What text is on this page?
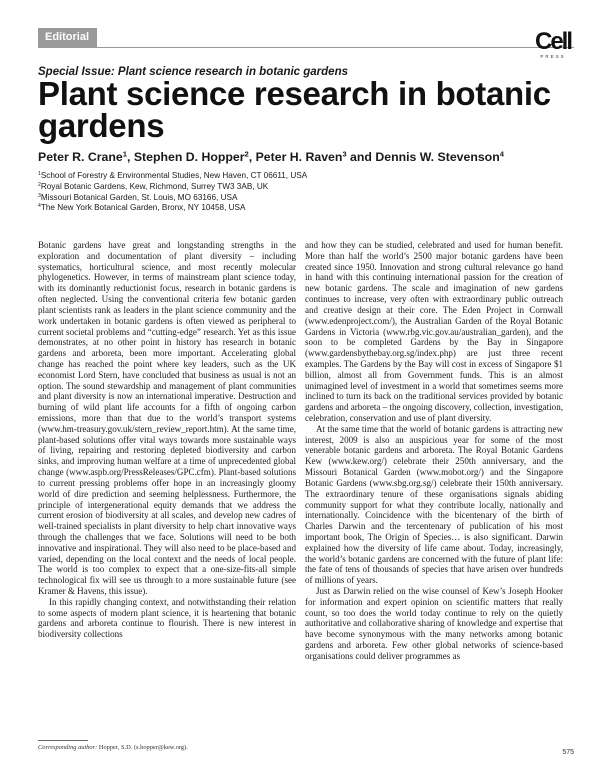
Editorial	Cell
PRESS
Special Issue: Plant science research in botanic gardens
Plant science research in botanic gardens
Peter R. Crane$^1$, Stephen D. Hopper$^2$, Peter H. Raven$^3$ and Dennis W. Stevenson$^4$
$^1$School of Forestry & Environmental Studies, New Haven, CT 06611, USA
$^2$Royal Botanic Gardens, Kew, Richmond, Surrey TW3 3AB, UK
$^3$Missouri Botanical Garden, St. Louis, MO 63166, USA
$^4$The New York Botanical Garden, Bronx, NY 10458, USA

Botanic gardens have great and longstanding strengths in the exploration and documentation of plant diversity – including systematics, horticultural science, and most recently molecular phylogenetics. However, in terms of mainstream plant science today, with its dominantly reductionist focus, research in botanic gardens is often neglected. Using the conventional criteria few botanic garden plant scientists rank as leaders in the plant science community and the work undertaken in botanic gardens is often viewed as peripheral to current societal problems and “cutting-edge” research. Yet as this issue demonstrates, at no other point in history has research in botanic gardens and arboreta, been more important. Accelerating global change has reached the point where key leaders, such as the UK economist Lord Stern, have concluded that business as usual is not an option. The sound stewardship and management of plant communities and plant diversity is now an international imperative. Destruction and burning of wild plant life accounts for a fifth of ongoing carbon emissions, more than that due to the world’s transport systems (www.hm-treasury.gov.uk/stern_review_report.htm). At the same time, plant-based solutions offer vital ways towards more sustainable ways of living, repairing and restoring depleted biodiversity and carbon sinks, and improving human welfare at a time of unprecedented global change (www.aspb.org/PressReleases/GPC.cfm). Plant-based solutions to current pressing problems offer hope in an increasingly gloomy world of dire prediction and seeming helplessness. Furthermore, the principle of intergenerational equity demands that we address the current erosion of biodiversity at all scales, and develop new cadres of well-trained specialists in plant diversity to help chart innovative ways through the challenges that we face. Solutions will need to be both innovative and inspirational. They will also need to be place-based and varied, depending on the local context and the needs of local people. The world is too complex to expect that a one-size-fits-all simple technological fix will see us through to a more sustainable future (see Kramer & Havens, this issue).

In this rapidly changing context, and notwithstanding their relation to some aspects of modern plant science, it is heartening that botanic gardens and arboreta continue to flourish. There is new interest in biodiversity collections

and how they can be studied, celebrated and used for human benefit. More than half the world’s 2500 major botanic gardens have been created since 1950. Innovation and strong cultural relevance go hand in hand with this continuing international passion for the creation of new botanic gardens. The scale and imagination of new gardens continues to increase, very often with extraordinary public outreach and creative design at their core. The Eden Project in Cornwall (www.edenproject.com/), the Australian Garden of the Royal Botanic Gardens in Victoria (www.rbg.vic.gov.au/australian_garden), and the soon to be completed Gardens by the Bay in Singapore (www.gardensbythebay.org.sg/index.php) are just three recent examples. The Gardens by the Bay will cost in excess of Singapore $1 billion, almost all from Government funds. This is an almost unimagined level of investment in a world that sometimes seems more inclined to turn its back on the traditional services provided by botanic gardens and arboreta – the ongoing discovery, collection, investigation, celebration, conservation and use of plant diversity.

At the same time that the world of botanic gardens is attracting new interest, 2009 is also an auspicious year for some of the most venerable botanic gardens and arboreta. The Royal Botanic Gardens Kew (www.kew.org/) celebrate their 250th anniversary, and the Missouri Botanical Garden (www.mobot.org/) and the Singapore Botanic Gardens (www.sbg.org.sg/) celebrate their 150th anniversary. The extraordinary tenure of these organisations signals abiding community support for what they contribute locally, nationally and internationally. Coincidence with the bicentenary of the birth of Charles Darwin and the tercentenary of publication of his most important book, The Origin of Species… is also significant. Darwin explained how the diversity of life came about. Today, increasingly, the world’s botanic gardens are concerned with the future of plant life: the fate of tens of thousands of species that have arisen over hundreds of millions of years.

Just as Darwin relied on the wise counsel of Kew’s Joseph Hooker for information and expert opinion on scientific matters that really count, so too does the world today continue to rely on the quietly authoritative and collaborative sharing of knowledge and expertise that have become synonymous with the many networks among botanic gardens and arboreta. Few other global networks of science-based organisations could deliver programmes as

Corresponding author: Hopper, S.D. (s.hopper@kew.org).
575
